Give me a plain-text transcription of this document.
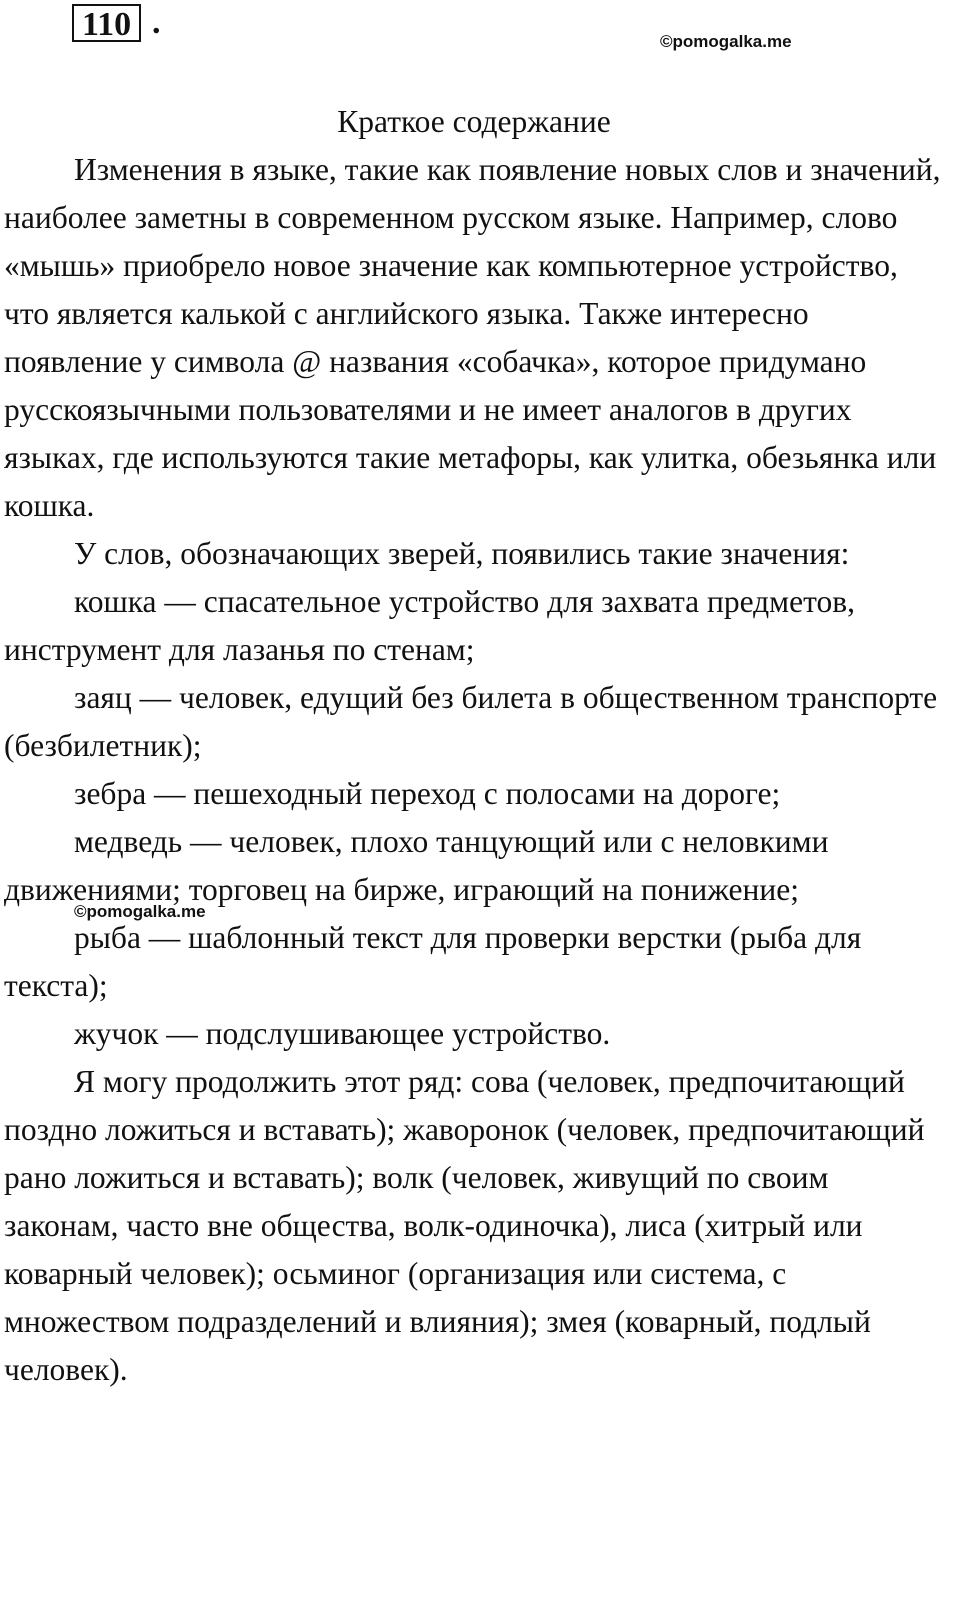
110 .
©pomogalka.me
Краткое содержание

Изменения в языке, такие как появление новых слов и значений, наиболее заметны в современном русском языке. Например, слово «мышь» приобрело новое значение как компьютерное устройство, что является калькой с английского языка. Также интересно появление у символа @ названия «собачка», которое придумано русскоязычными пользователями и не имеет аналогов в других языках, где используются такие метафоры, как улитка, обезьянка или кошка.

У слов, обозначающих зверей, появились такие значения:

кошка — спасательное устройство для захвата предметов, инструмент для лазанья по стенам;

заяц — человек, едущий без билета в общественном транспорте (безбилетник);

зебра — пешеходный переход с полосами на дороге;

медведь — человек, плохо танцующий или с неловкими движениями; торговец на бирже, играющий на понижение;

рыба — шаблонный текст для проверки верстки (рыба для текста);

жучок — подслушивающее устройство.

Я могу продолжить этот ряд: сова (человек, предпочитающий поздно ложиться и вставать); жаворонок (человек, предпочитающий рано ложиться и вставать); волк (человек, живущий по своим законам, часто вне общества, волк-одиночка), лиса (хитрый или коварный человек); осьминог (организация или система, с множеством подразделений и влияния); змея (коварный, подлый человек).

©pomogalka.me
